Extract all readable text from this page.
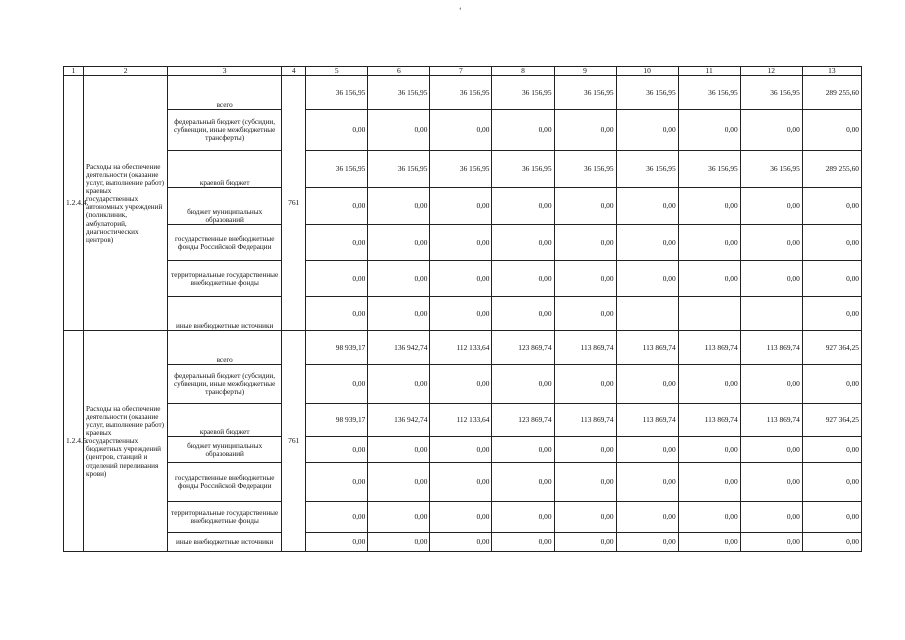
ʻ
1	2	3	4	5	6	7	8	9	10	11	12	13
1.2.4.4.	Расходы на обеспечение деятельности (оказание услуг, выполнение работ) краевых государственных автономных учреждений (поликлиник, амбулаторий, диагностических центров)	всего	761	36 156,95	36 156,95	36 156,95	36 156,95	36 156,95	36 156,95	36 156,95	36 156,95	289 255,60
		федеральный бюджет (субсидии, субвенции, иные межбюджетные трансферты)		0,00	0,00	0,00	0,00	0,00	0,00	0,00	0,00	0,00
		краевой бюджет		36 156,95	36 156,95	36 156,95	36 156,95	36 156,95	36 156,95	36 156,95	36 156,95	289 255,60
		бюджет муниципальных образований		0,00	0,00	0,00	0,00	0,00	0,00	0,00	0,00	0,00
		государственные внебюджетные фонды Российской Федерации		0,00	0,00	0,00	0,00	0,00	0,00	0,00	0,00	0,00
		территориальные государственные внебюджетные фонды		0,00	0,00	0,00	0,00	0,00	0,00	0,00	0,00	0,00
		иные внебюджетные источники		0,00	0,00	0,00	0,00	0,00				0,00
1.2.4.5.	Расходы на обеспечение деятельности (оказание услуг, выполнение работ) краевых государственных бюджетных учреждений (центров, станций и отделений переливания крови)	всего	761	98 939,17	136 942,74	112 133,64	123 869,74	113 869,74	113 869,74	113 869,74	113 869,74	927 364,25
		федеральный бюджет (субсидии, субвенции, иные межбюджетные трансферты)		0,00	0,00	0,00	0,00	0,00	0,00	0,00	0,00	0,00
		краевой бюджет		98 939,17	136 942,74	112 133,64	123 869,74	113 869,74	113 869,74	113 869,74	113 869,74	927 364,25
		бюджет муниципальных образований		0,00	0,00	0,00	0,00	0,00	0,00	0,00	0,00	0,00
		государственные внебюджетные фонды Российской Федерации		0,00	0,00	0,00	0,00	0,00	0,00	0,00	0,00	0,00
		территориальные государственные внебюджетные фонды		0,00	0,00	0,00	0,00	0,00	0,00	0,00	0,00	0,00
		иные внебюджетные источники		0,00	0,00	0,00	0,00	0,00	0,00	0,00	0,00	0,00
